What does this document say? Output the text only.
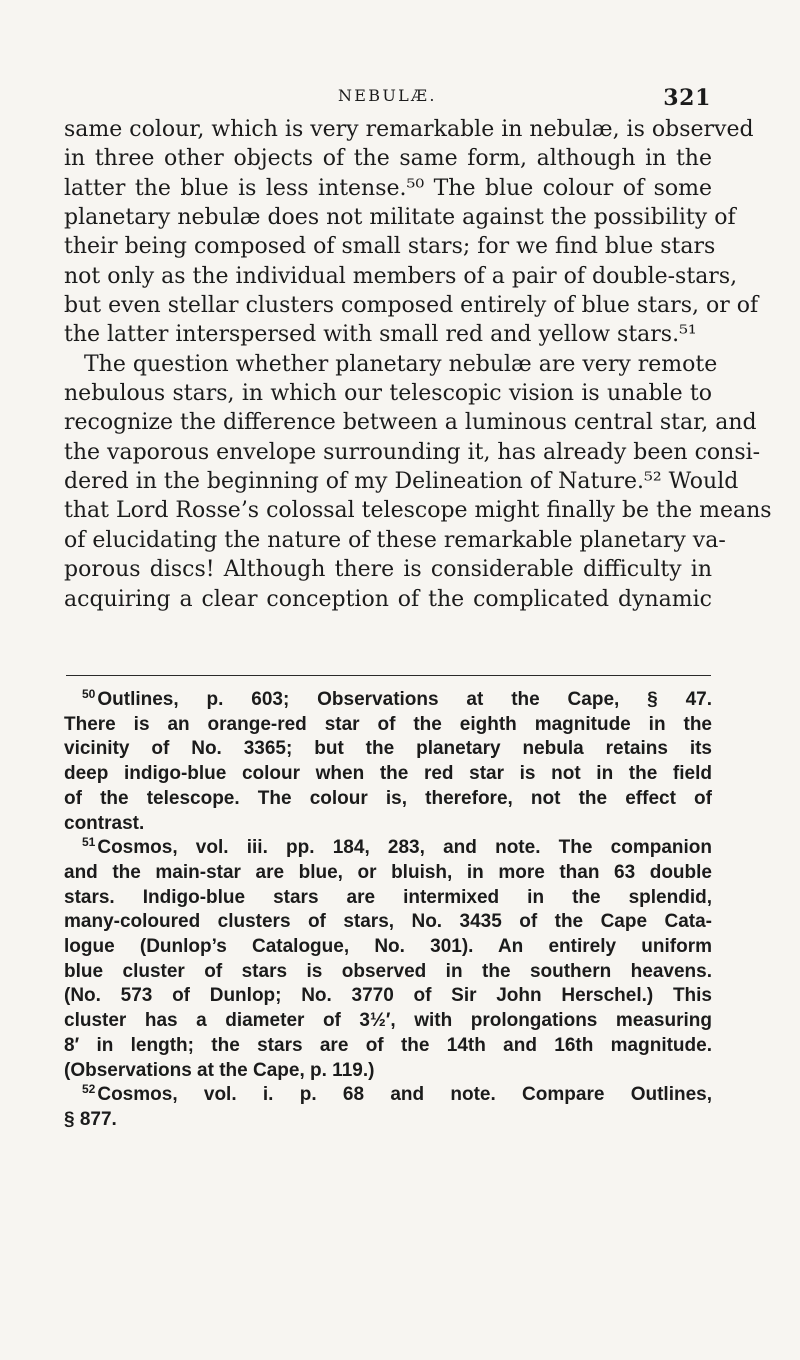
NEBULÆ.	321
same colour, which is very remarkable in nebulæ, is observed
in three other objects of the same form, although in the
latter the blue is less intense.⁵⁰ The blue colour of some
planetary nebulæ does not militate against the possibility of
their being composed of small stars; for we find blue stars
not only as the individual members of a pair of double-stars,
but even stellar clusters composed entirely of blue stars, or of
the latter interspersed with small red and yellow stars.⁵¹
The question whether planetary nebulæ are very remote
nebulous stars, in which our telescopic vision is unable to
recognize the difference between a luminous central star, and
the vaporous envelope surrounding it, has already been consi-
dered in the beginning of my Delineation of Nature.⁵² Would
that Lord Rosse’s colossal telescope might finally be the means
of elucidating the nature of these remarkable planetary va-
porous discs! Although there is considerable difficulty in
acquiring a clear conception of the complicated dynamic
$^{50}$ Outlines, p. 603; Observations at the Cape, § 47.
There is an orange-red star of the eighth magnitude in the
vicinity of No. 3365; but the planetary nebula retains its
deep indigo-blue colour when the red star is not in the field
of the telescope. The colour is, therefore, not the effect of
contrast.
$^{51}$ Cosmos, vol. iii. pp. 184, 283, and note. The companion
and the main-star are blue, or bluish, in more than 63 double
stars. Indigo-blue stars are intermixed in the splendid,
many-coloured clusters of stars, No. 3435 of the Cape Cata-
logue (Dunlop’s Catalogue, No. 301). An entirely uniform
blue cluster of stars is observed in the southern heavens.
(No. 573 of Dunlop; No. 3770 of Sir John Herschel.) This
cluster has a diameter of 3½′, with prolongations measuring
8′ in length; the stars are of the 14th and 16th magnitude.
(Observations at the Cape, p. 119.)
$^{52}$ Cosmos, vol. i. p. 68 and note. Compare Outlines,
§ 877.
